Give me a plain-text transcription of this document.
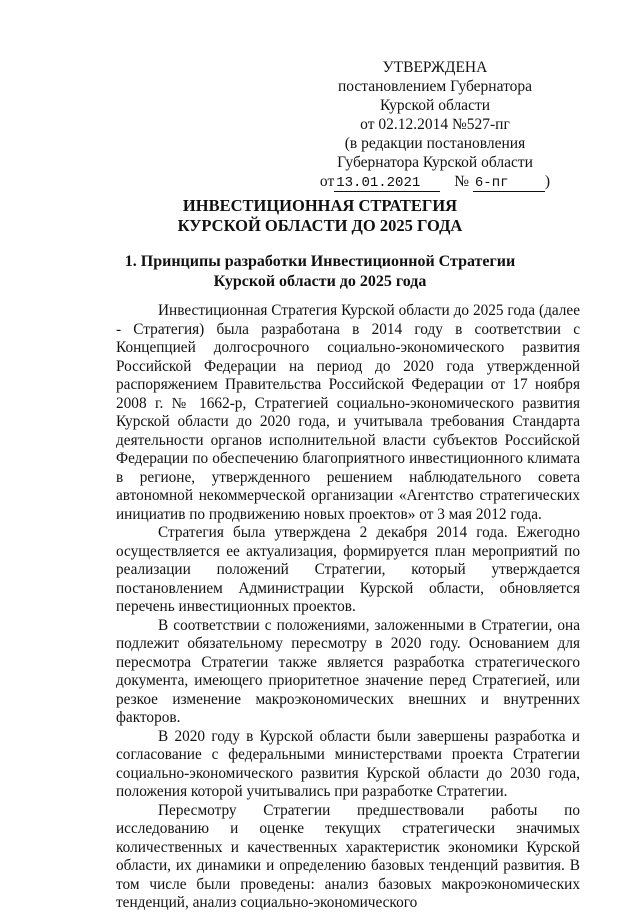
УТВЕРЖДЕНА
постановлением Губернатора
Курской области
от 02.12.2014 №527-пг
(в редакции постановления
Губернатора Курской области
от 13.01.2021 № 6-пг )
ИНВЕСТИЦИОННАЯ СТРАТЕГИЯ
КУРСКОЙ ОБЛАСТИ ДО 2025 ГОДА
1. Принципы разработки Инвестиционной Стратегии
Курской области до 2025 года

Инвестиционная Стратегия Курской области до 2025 года (далее - Стратегия) была разработана в 2014 году в соответствии с Концепцией долгосрочного социально-экономического развития Российской Федерации на период до 2020 года утвержденной распоряжением Правительства Российской Федерации от 17 ноября 2008 г. № 1662-р, Стратегией социально-экономического развития Курской области до 2020 года, и учитывала требования Стандарта деятельности органов исполнительной власти субъектов Российской Федерации по обеспечению благоприятного инвестиционного климата в регионе, утвержденного решением наблюдательного совета автономной некоммерческой организации «Агентство стратегических инициатив по продвижению новых проектов» от 3 мая 2012 года.

Стратегия была утверждена 2 декабря 2014 года. Ежегодно осуществляется ее актуализация, формируется план мероприятий по реализации положений Стратегии, который утверждается постановлением Администрации Курской области, обновляется перечень инвестиционных проектов.

В соответствии с положениями, заложенными в Стратегии, она подлежит обязательному пересмотру в 2020 году. Основанием для пересмотра Стратегии также является разработка стратегического документа, имеющего приоритетное значение перед Стратегией, или резкое изменение макроэкономических внешних и внутренних факторов.

В 2020 году в Курской области были завершены разработка и согласование с федеральными министерствами проекта Стратегии социально-экономического развития Курской области до 2030 года, положения которой учитывались при разработке Стратегии.

Пересмотру Стратегии предшествовали работы по исследованию и оценке текущих стратегически значимых количественных и качественных характеристик экономики Курской области, их динамики и определению базовых тенденций развития. В том числе были проведены: анализ базовых макроэкономических тенденций, анализ социально-экономического
